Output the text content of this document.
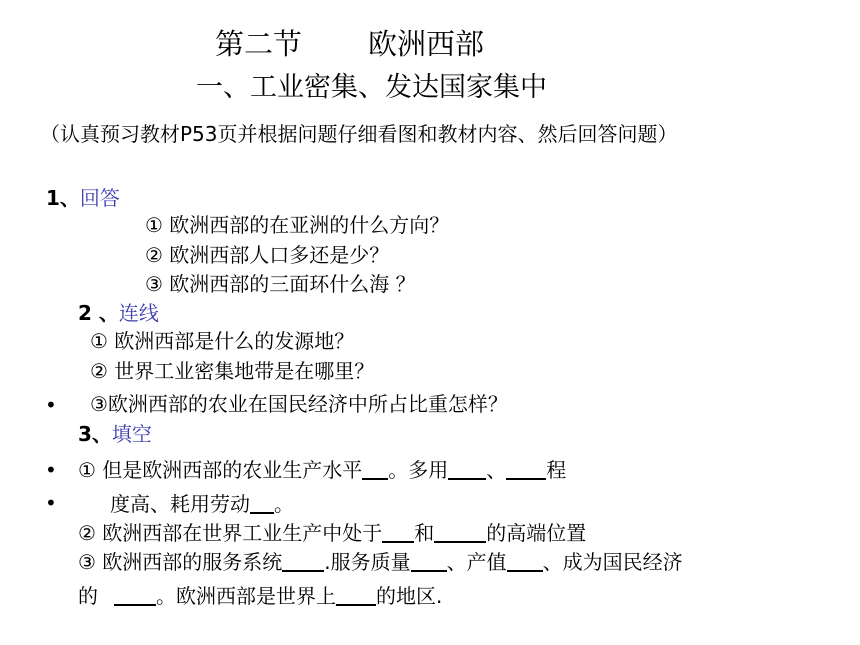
第二节 欧洲西部
一、工业密集、发达国家集中
（认真预习教材P53页并根据问题仔细看图和教材内容、然后回答问题）
1、回答
① 欧洲西部的在亚洲的什么方向？
② 欧洲西部人口多还是少？
③ 欧洲西部的三面环什么海 ？
2 、连线
① 欧洲西部是什么的发源地？
② 世界工业密集地带是在哪里？
• ③欧洲西部的农业在国民经济中所占比重怎样？
3、填空
• ① 但是欧洲西部的农业生产水平 。多用 、 程
•	度高、耗用劳动 。
② 欧洲西部在世界工业生产中处于 和	的高端位置
③ 欧洲西部的服务系统 .服务质量 、产值 、成为国民经济
的	。欧洲西部是世界上 的地区.
